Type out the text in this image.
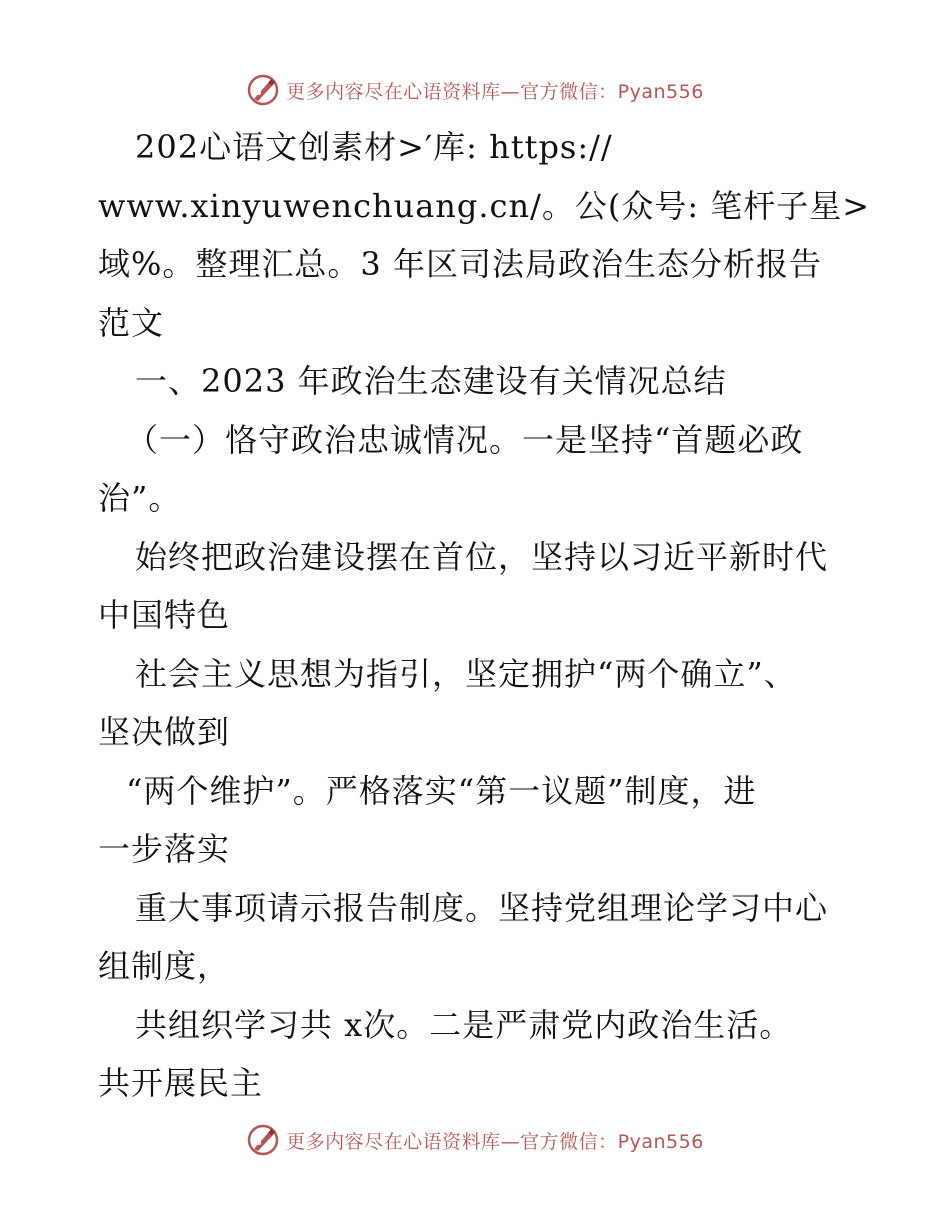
更多内容尽在心语资料库—官方微信：Pyan556
202心语文创素材>′库: https://
www.xinyuwenchuang.cn/。公(众号: 笔杆子星>
域%。整理汇总。3 年区司法局政治生态分析报告
范文
一、2023 年政治生态建设有关情况总结
（一）恪守政治忠诚情况。一是坚持“首题必政
治”。
始终把政治建设摆在首位，坚持以习近平新时代
中国特色
社会主义思想为指引，坚定拥护“两个确立”、
坚决做到
“两个维护”。严格落实“第一议题”制度，进
一步落实
重大事项请示报告制度。坚持党组理论学习中心
组制度，
共组织学习共 x次。二是严肃党内政治生活。
共开展民主
更多内容尽在心语资料库—官方微信：Pyan556
